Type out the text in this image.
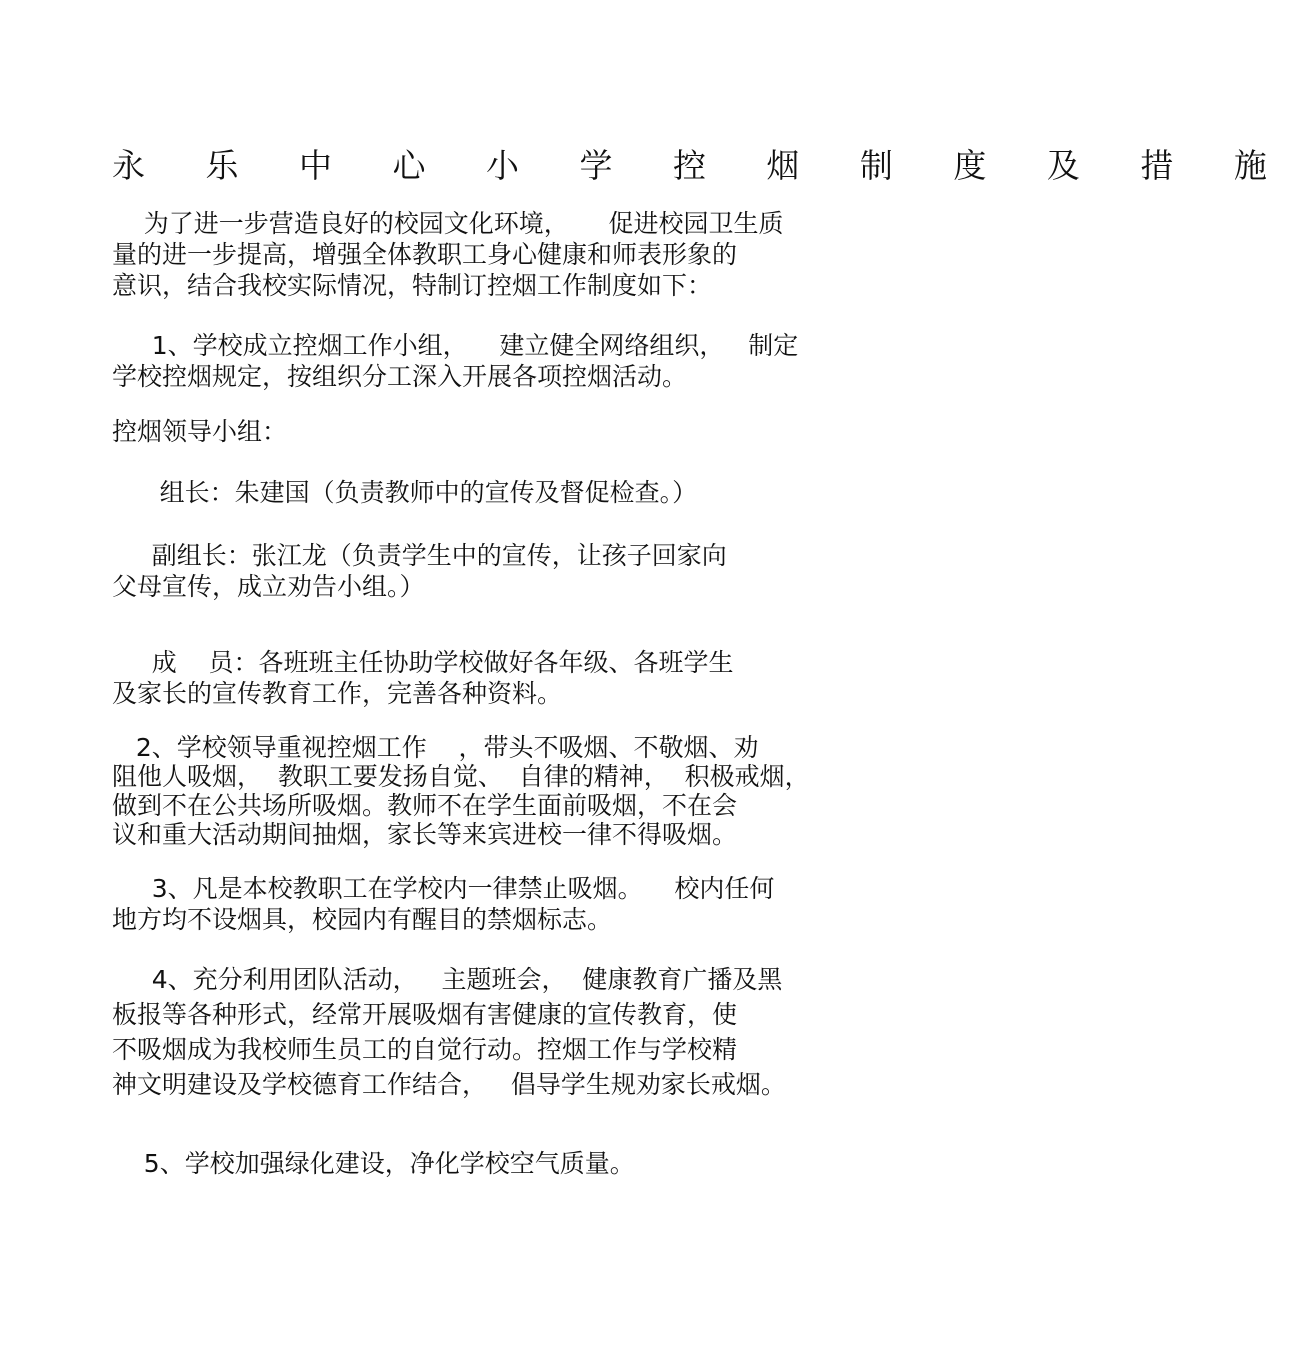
永 乐 中 心 小 学 控 烟 制 度 及 措 施
为了进一步营造良好的校园文化环境，     促进校园卫生质
量的进一步提高，增强全体教职工身心健康和师表形象的
意识，结合我校实际情况，特制订控烟工作制度如下：
1、学校成立控烟工作小组，    建立健全网络组织，   制定
学校控烟规定，按组织分工深入开展各项控烟活动。
控烟领导小组：
组长：朱建国（负责教师中的宣传及督促检查。）
副组长：张江龙（负责学生中的宣传，让孩子回家向
父母宣传，成立劝告小组。）
成    员：各班班主任协助学校做好各年级、各班学生
及家长的宣传教育工作，完善各种资料。
2、学校领导重视控烟工作    ，带头不吸烟、不敬烟、劝
阻他人吸烟，  教职工要发扬自觉、  自律的精神，  积极戒烟，
做到不在公共场所吸烟。教师不在学生面前吸烟，不在会
议和重大活动期间抽烟，家长等来宾进校一律不得吸烟。
3、凡是本校教职工在学校内一律禁止吸烟。    校内任何
地方均不设烟具，校园内有醒目的禁烟标志。
4、充分利用团队活动，   主题班会，  健康教育广播及黑
板报等各种形式，经常开展吸烟有害健康的宣传教育，使
不吸烟成为我校师生员工的自觉行动。控烟工作与学校精
神文明建设及学校德育工作结合，   倡导学生规劝家长戒烟。
5、学校加强绿化建设，净化学校空气质量。
